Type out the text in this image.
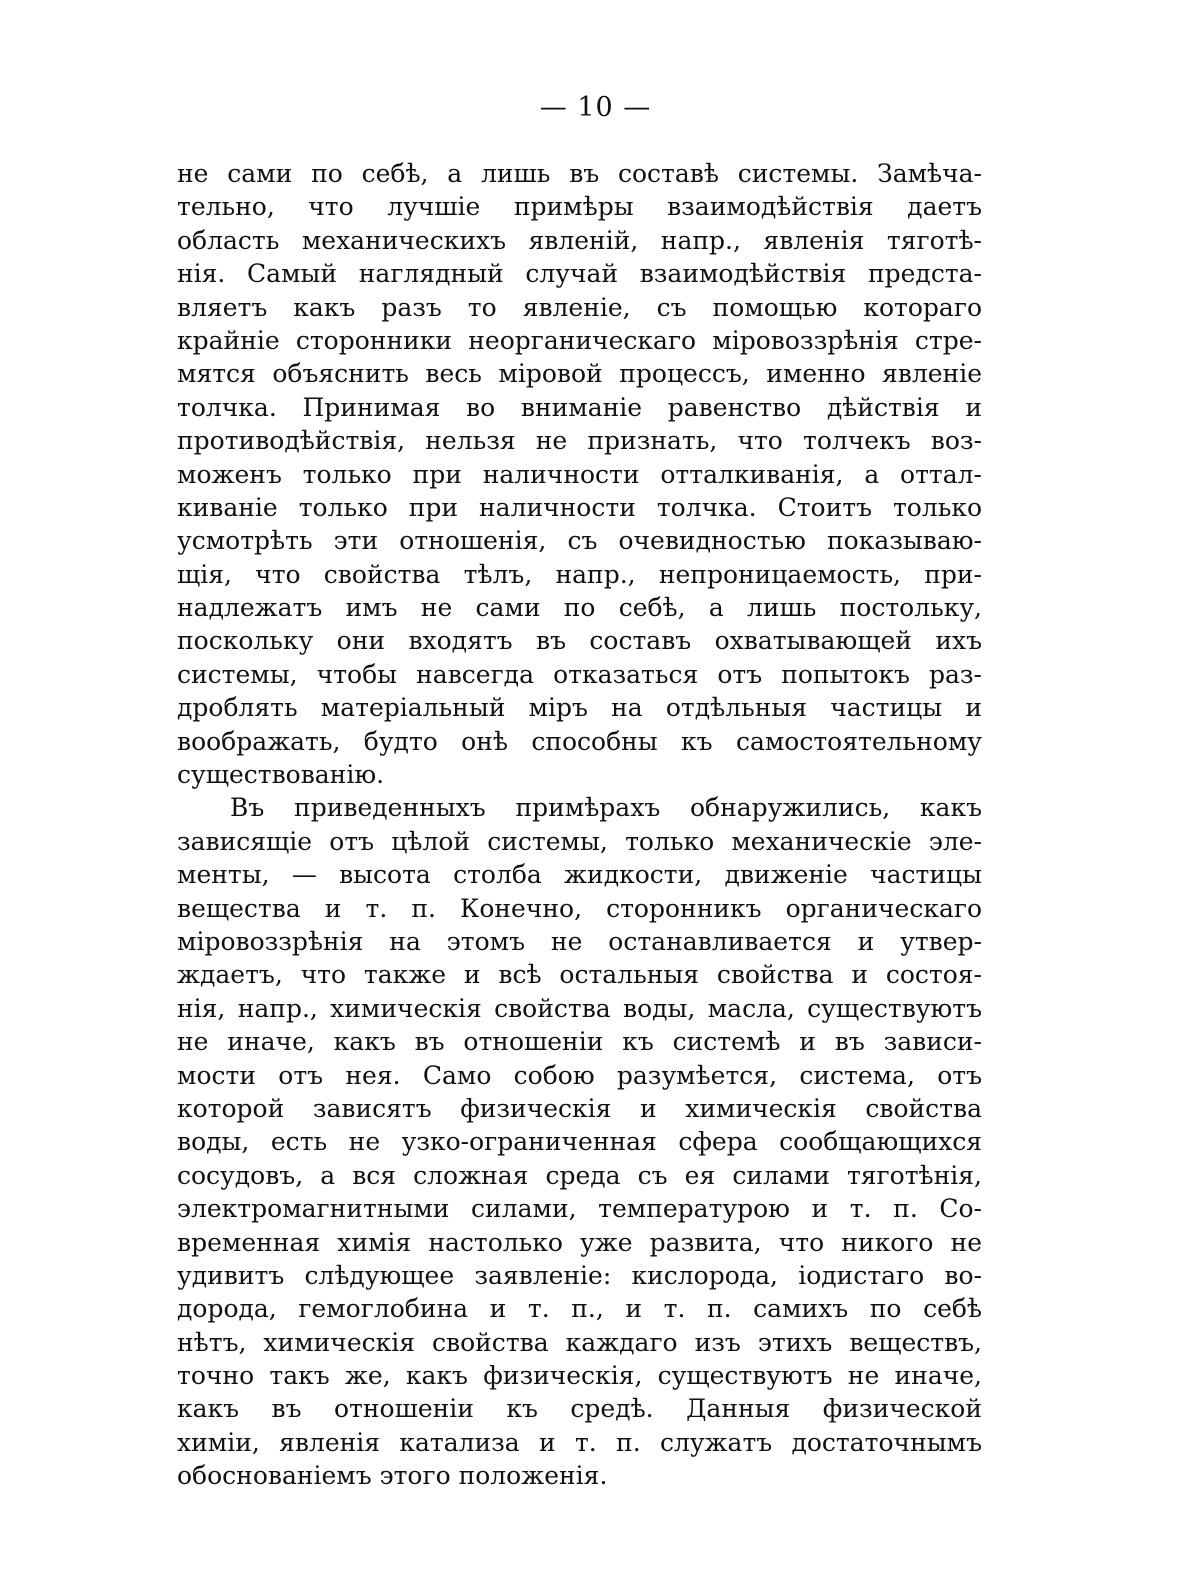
— 10 —
не сами по себѣ, а лишь въ составѣ системы. Замѣча-
тельно, что лучшіе примѣры взаимодѣйствія даетъ
область механическихъ явленій, напр., явленія тяготѣ-
нія. Самый наглядный случай взаимодѣйствія предста-
вляетъ какъ разъ то явленіе, съ помощью котораго
крайніе сторонники неорганическаго міровоззрѣнія стре-
мятся объяснить весь міровой процессъ, именно явленіе
толчка. Принимая во вниманіе равенство дѣйствія и
противодѣйствія, нельзя не признать, что толчекъ воз-
моженъ только при наличности отталкиванія, а оттал-
киваніе только при наличности толчка. Стоитъ только
усмотрѣть эти отношенія, съ очевидностью показываю-
щія, что свойства тѣлъ, напр., непроницаемость, при-
надлежатъ имъ не сами по себѣ, а лишь постольку,
поскольку они входятъ въ составъ охватывающей ихъ
системы, чтобы навсегда отказаться отъ попытокъ раз-
дроблять матеріальный міръ на отдѣльныя частицы и
воображать, будто онѣ способны къ самостоятельному
существованію.
Въ приведенныхъ примѣрахъ обнаружились, какъ
зависящіе отъ цѣлой системы, только механическіе эле-
менты, — высота столба жидкости, движеніе частицы
вещества и т. п. Конечно, сторонникъ органическаго
міровоззрѣнія на этомъ не останавливается и утвер-
ждаетъ, что также и всѣ остальныя свойства и состоя-
нія, напр., химическія свойства воды, масла, существуютъ
не иначе, какъ въ отношеніи къ системѣ и въ зависи-
мости отъ нея. Само собою разумѣется, система, отъ
которой зависятъ физическія и химическія свойства
воды, есть не узко-ограниченная сфера сообщающихся
сосудовъ, а вся сложная среда съ ея силами тяготѣнія,
электромагнитными силами, температурою и т. п. Со-
временная химія настолько уже развита, что никого не
удивитъ слѣдующее заявленіе: кислорода, іодистаго во-
дорода, гемоглобина и т. п., и т. п. самихъ по себѣ
нѣтъ, химическія свойства каждаго изъ этихъ веществъ,
точно такъ же, какъ физическія, существуютъ не иначе,
какъ въ отношеніи къ средѣ. Данныя физической
химіи, явленія катализа и т. п. служатъ достаточнымъ
обоснованіемъ этого положенія.
